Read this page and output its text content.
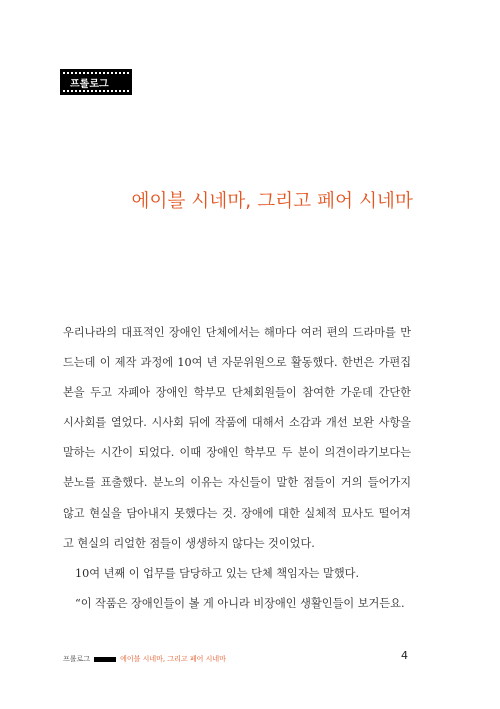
프롤로그
에이블 시네마, 그리고 페어 시네마

우리나라의 대표적인 장애인 단체에서는 해마다 여러 편의 드라마를 만
드는데 이 제작 과정에 10여 년 자문위원으로 활동했다. 한번은 가편집
본을 두고 자폐아 장애인 학부모 단체회원들이 참여한 가운데 간단한
시사회를 열었다. 시사회 뒤에 작품에 대해서 소감과 개선 보완 사항을
말하는 시간이 되었다. 이때 장애인 학부모 두 분이 의견이라기보다는
분노를 표출했다. 분노의 이유는 자신들이 말한 점들이 거의 들어가지
않고 현실을 담아내지 못했다는 것. 장애에 대한 실체적 묘사도 떨어져
고 현실의 리얼한 점들이 생생하지 않다는 것이었다.

10여 년째 이 업무를 담당하고 있는 단체 책임자는 말했다.

“이 작품은 장애인들이 볼 게 아니라 비장애인 생활인들이 보거든요.

프롤로그	에이블 시네마, 그리고 페어 시네마	4
